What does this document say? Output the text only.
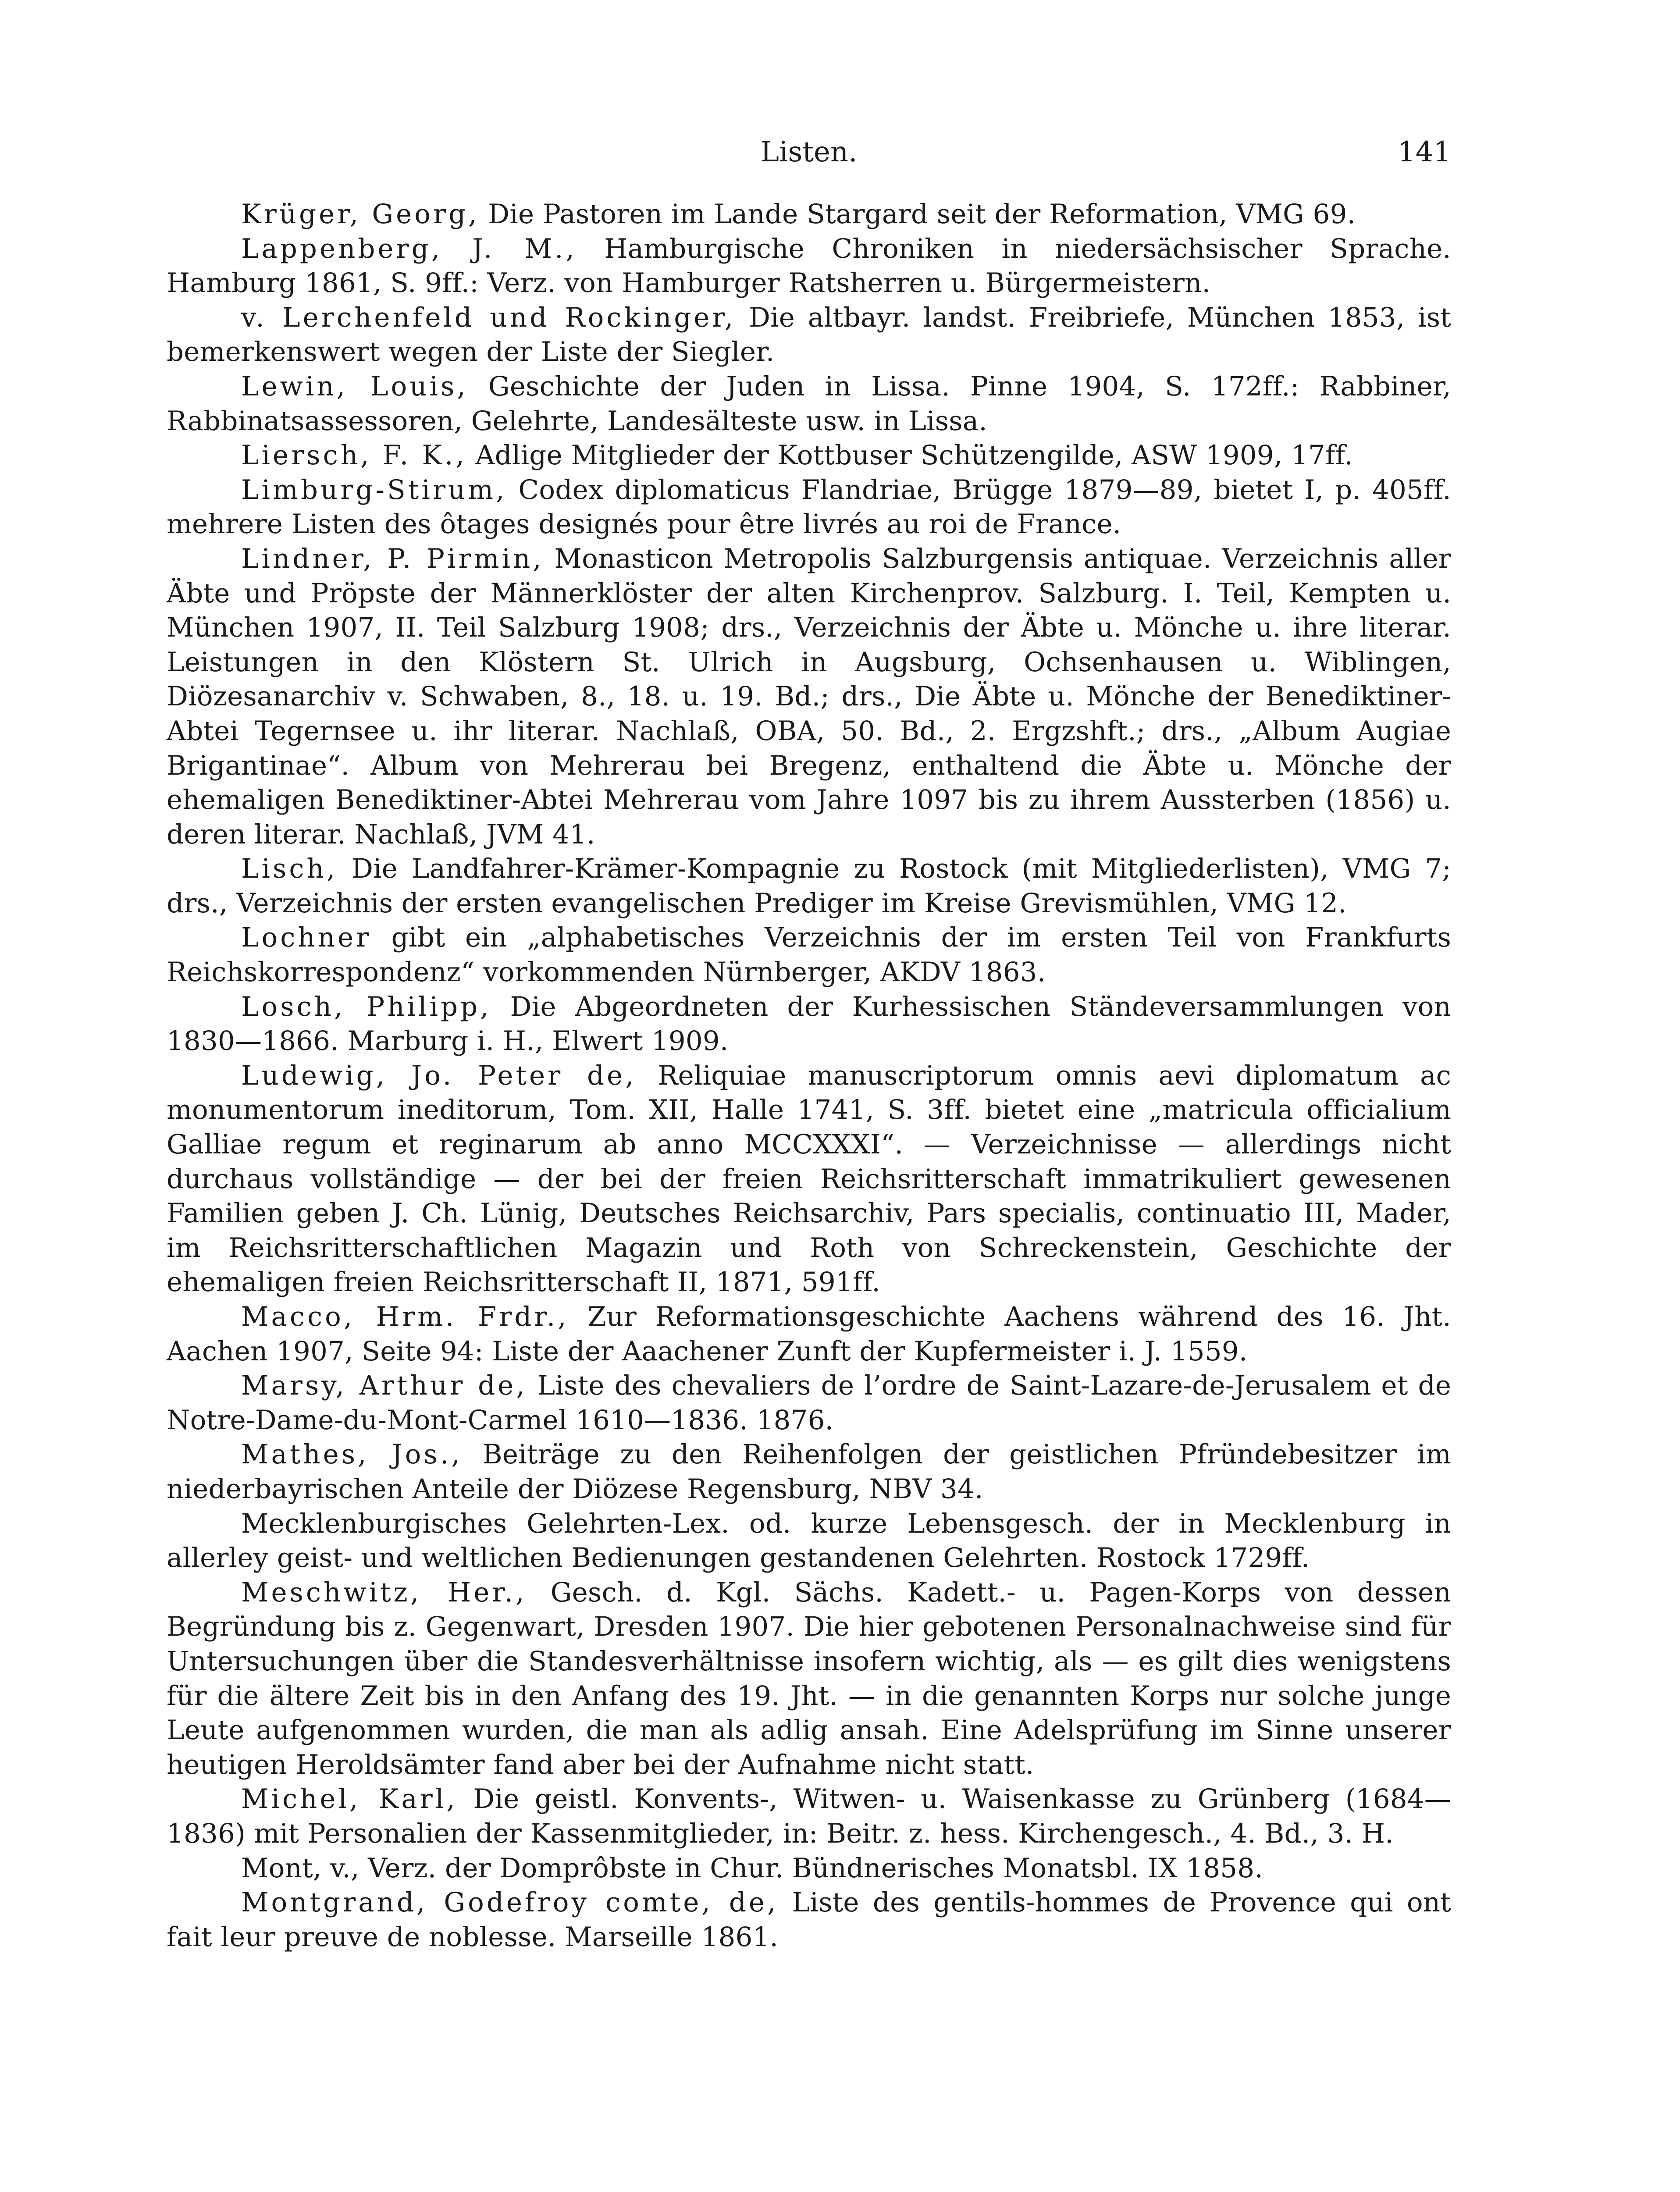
Listen.	141

Krüger, Georg, Die Pastoren im Lande Stargard seit der Reformation, VMG 69.

Lappenberg, J. M., Hamburgische Chroniken in niedersächsischer Sprache. Hamburg 1861, S. 9ff.: Verz. von Hamburger Ratsherren u. Bürgermeistern.

v. Lerchenfeld und Rockinger, Die altbayr. landst. Freibriefe, München 1853, ist bemerkenswert wegen der Liste der Siegler.

Lewin, Louis, Geschichte der Juden in Lissa. Pinne 1904, S. 172ff.: Rabbiner, Rabbinatsassessoren, Gelehrte, Landesälteste usw. in Lissa.

Liersch, F. K., Adlige Mitglieder der Kottbuser Schützengilde, ASW 1909, 17ff.

Limburg-Stirum, Codex diplomaticus Flandriae, Brügge 1879—89, bietet I, p. 405ff. mehrere Listen des ôtages designés pour être livrés au roi de France.

Lindner, P. Pirmin, Monasticon Metropolis Salzburgensis antiquae. Verzeichnis aller Äbte und Pröpste der Männerklöster der alten Kirchenprov. Salzburg. I. Teil, Kempten u. München 1907, II. Teil Salzburg 1908; drs., Verzeichnis der Äbte u. Mönche u. ihre literar. Leistungen in den Klöstern St. Ulrich in Augsburg, Ochsenhausen u. Wiblingen, Diözesanarchiv v. Schwaben, 8., 18. u. 19. Bd.; drs., Die Äbte u. Mönche der Benediktiner-Abtei Tegernsee u. ihr literar. Nachlaß, OBA, 50. Bd., 2. Ergzshft.; drs., „Album Augiae Brigantinae“. Album von Mehrerau bei Bregenz, enthaltend die Äbte u. Mönche der ehemaligen Benediktiner-Abtei Mehrerau vom Jahre 1097 bis zu ihrem Aussterben (1856) u. deren literar. Nachlaß, JVM 41.

Lisch, Die Landfahrer-Krämer-Kompagnie zu Rostock (mit Mitgliederlisten), VMG 7; drs., Verzeichnis der ersten evangelischen Prediger im Kreise Grevismühlen, VMG 12.

Lochner gibt ein „alphabetisches Verzeichnis der im ersten Teil von Frankfurts Reichskorrespondenz“ vorkommenden Nürnberger, AKDV 1863.

Losch, Philipp, Die Abgeordneten der Kurhessischen Ständeversammlungen von 1830—1866. Marburg i. H., Elwert 1909.

Ludewig, Jo. Peter de, Reliquiae manuscriptorum omnis aevi diplomatum ac monumentorum ineditorum, Tom. XII, Halle 1741, S. 3ff. bietet eine „matricula officialium Galliae regum et reginarum ab anno MCCXXXI“. — Verzeichnisse — allerdings nicht durchaus vollständige — der bei der freien Reichsritterschaft immatrikuliert gewesenen Familien geben J. Ch. Lünig, Deutsches Reichsarchiv, Pars specialis, continuatio III, Mader, im Reichsritterschaftlichen Magazin und Roth von Schreckenstein, Geschichte der ehemaligen freien Reichsritterschaft II, 1871, 591ff.

Macco, Hrm. Frdr., Zur Reformationsgeschichte Aachens während des 16. Jht. Aachen 1907, Seite 94: Liste der Aaachener Zunft der Kupfermeister i. J. 1559.

Marsy, Arthur de, Liste des chevaliers de l’ordre de Saint-Lazare-de-Jerusalem et de Notre-Dame-du-Mont-Carmel 1610—1836. 1876.

Mathes, Jos., Beiträge zu den Reihenfolgen der geistlichen Pfründebesitzer im niederbayrischen Anteile der Diözese Regensburg, NBV 34.

Mecklenburgisches Gelehrten-Lex. od. kurze Lebensgesch. der in Mecklenburg in allerley geist- und weltlichen Bedienungen gestandenen Gelehrten. Rostock 1729ff.

Meschwitz, Her., Gesch. d. Kgl. Sächs. Kadett.- u. Pagen-Korps von dessen Begründung bis z. Gegenwart, Dresden 1907. Die hier gebotenen Personalnachweise sind für Untersuchungen über die Standesverhältnisse insofern wichtig, als — es gilt dies wenigstens für die ältere Zeit bis in den Anfang des 19. Jht. — in die genannten Korps nur solche junge Leute aufgenommen wurden, die man als adlig ansah. Eine Adelsprüfung im Sinne unserer heutigen Heroldsämter fand aber bei der Aufnahme nicht statt.

Michel, Karl, Die geistl. Konvents-, Witwen- u. Waisenkasse zu Grünberg (1684—1836) mit Personalien der Kassenmitglieder, in: Beitr. z. hess. Kirchengesch., 4. Bd., 3. H.

Mont, v., Verz. der Domprôbste in Chur. Bündnerisches Monatsbl. IX 1858.

Montgrand, Godefroy comte, de, Liste des gentils-hommes de Provence qui ont fait leur preuve de noblesse. Marseille 1861.
